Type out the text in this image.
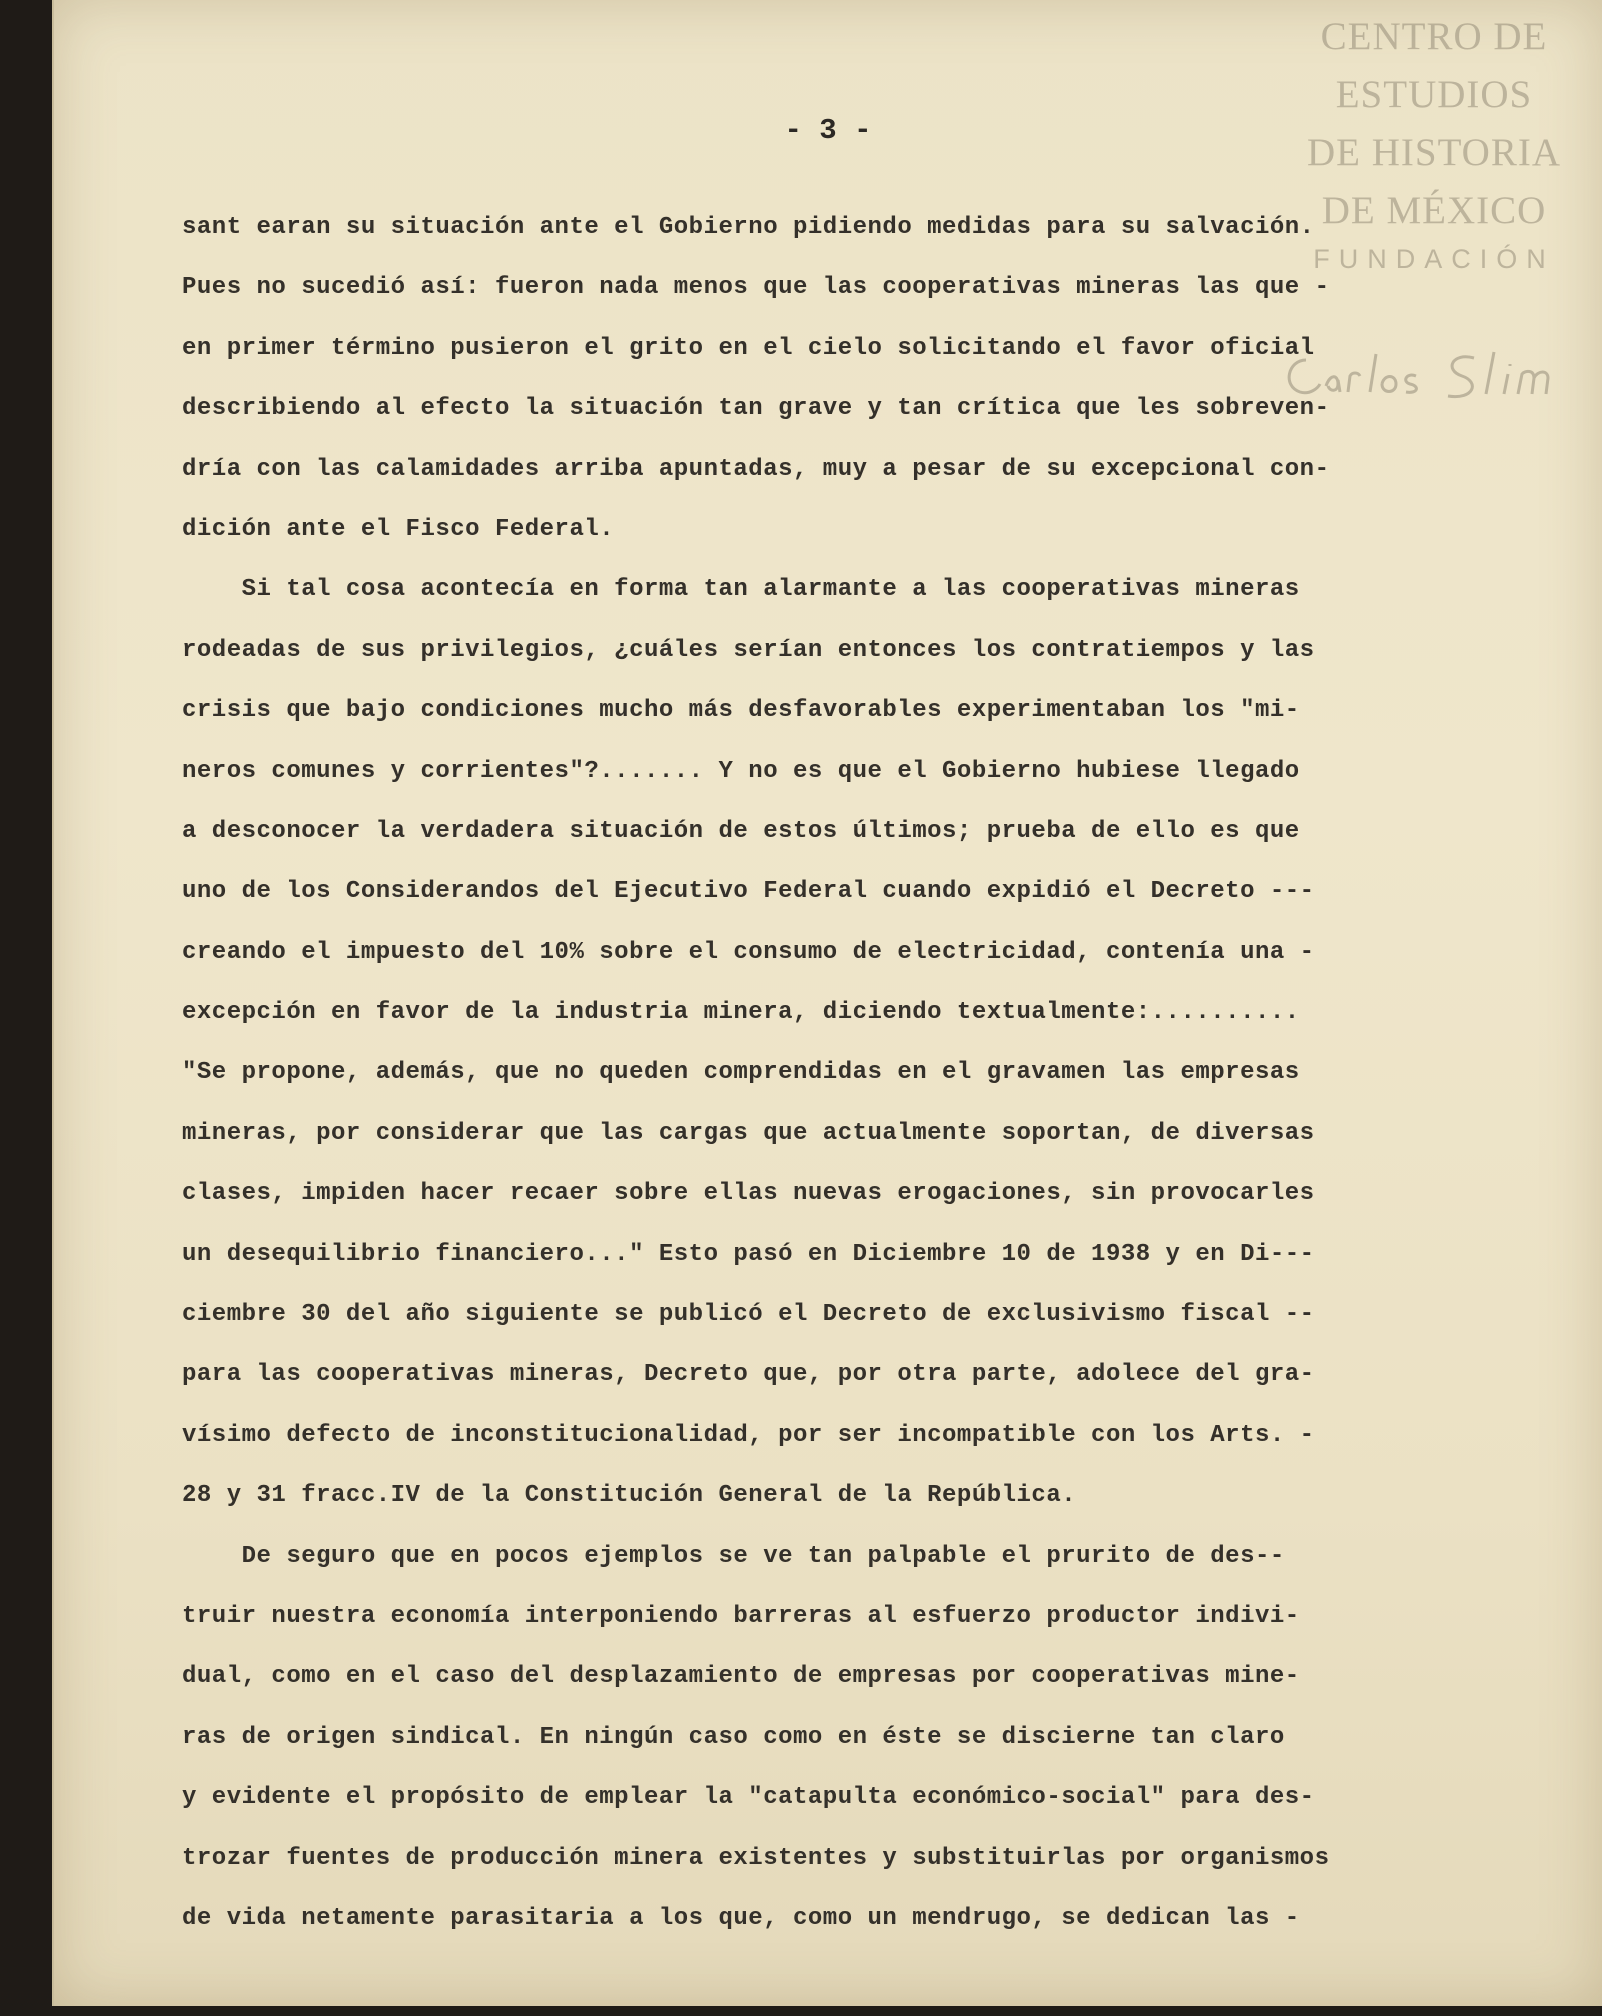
- 3 -
sant earan su situación ante el Gobierno pidiendo medidas para su salvación.
Pues no sucedió así: fueron nada menos que las cooperativas mineras las que -
en primer término pusieron el grito en el cielo solicitando el favor oficial
describiendo al efecto la situación tan grave y tan crítica que les sobreven-
dría con las calamidades arriba apuntadas, muy a pesar de su excepcional con-
dición ante el Fisco Federal.
Si tal cosa acontecía en forma tan alarmante a las cooperativas mineras
rodeadas de sus privilegios, ¿cuáles serían entonces los contratiempos y las
crisis que bajo condiciones mucho más desfavorables experimentaban los "mi-
neros comunes y corrientes"?....... Y no es que el Gobierno hubiese llegado
a desconocer la verdadera situación de estos últimos; prueba de ello es que
uno de los Considerandos del Ejecutivo Federal cuando expidió el Decreto ---
creando el impuesto del 10% sobre el consumo de electricidad, contenía una -
excepción en favor de la industria minera, diciendo textualmente:..........
"Se propone, además, que no queden comprendidas en el gravamen las empresas
mineras, por considerar que las cargas que actualmente soportan, de diversas
clases, impiden hacer recaer sobre ellas nuevas erogaciones, sin provocarles
un desequilibrio financiero..." Esto pasó en Diciembre 10 de 1938 y en Di---
ciembre 30 del año siguiente se publicó el Decreto de exclusivismo fiscal --
para las cooperativas mineras, Decreto que, por otra parte, adolece del gra-
vísimo defecto de inconstitucionalidad, por ser incompatible con los Arts. -
28 y 31 fracc.IV de la Constitución General de la República.
De seguro que en pocos ejemplos se ve tan palpable el prurito de des--
truir nuestra economía interponiendo barreras al esfuerzo productor indivi-
dual, como en el caso del desplazamiento de empresas por cooperativas mine-
ras de origen sindical. En ningún caso como en éste se discierne tan claro
y evidente el propósito de emplear la "catapulta económico-social" para des-
trozar fuentes de producción minera existentes y substituirlas por organismos
de vida netamente parasitaria a los que, como un mendrugo, se dedican las -
CENTRO DE
ESTUDIOS
DE HISTORIA
DE MÉXICO
FUNDACIÓN
